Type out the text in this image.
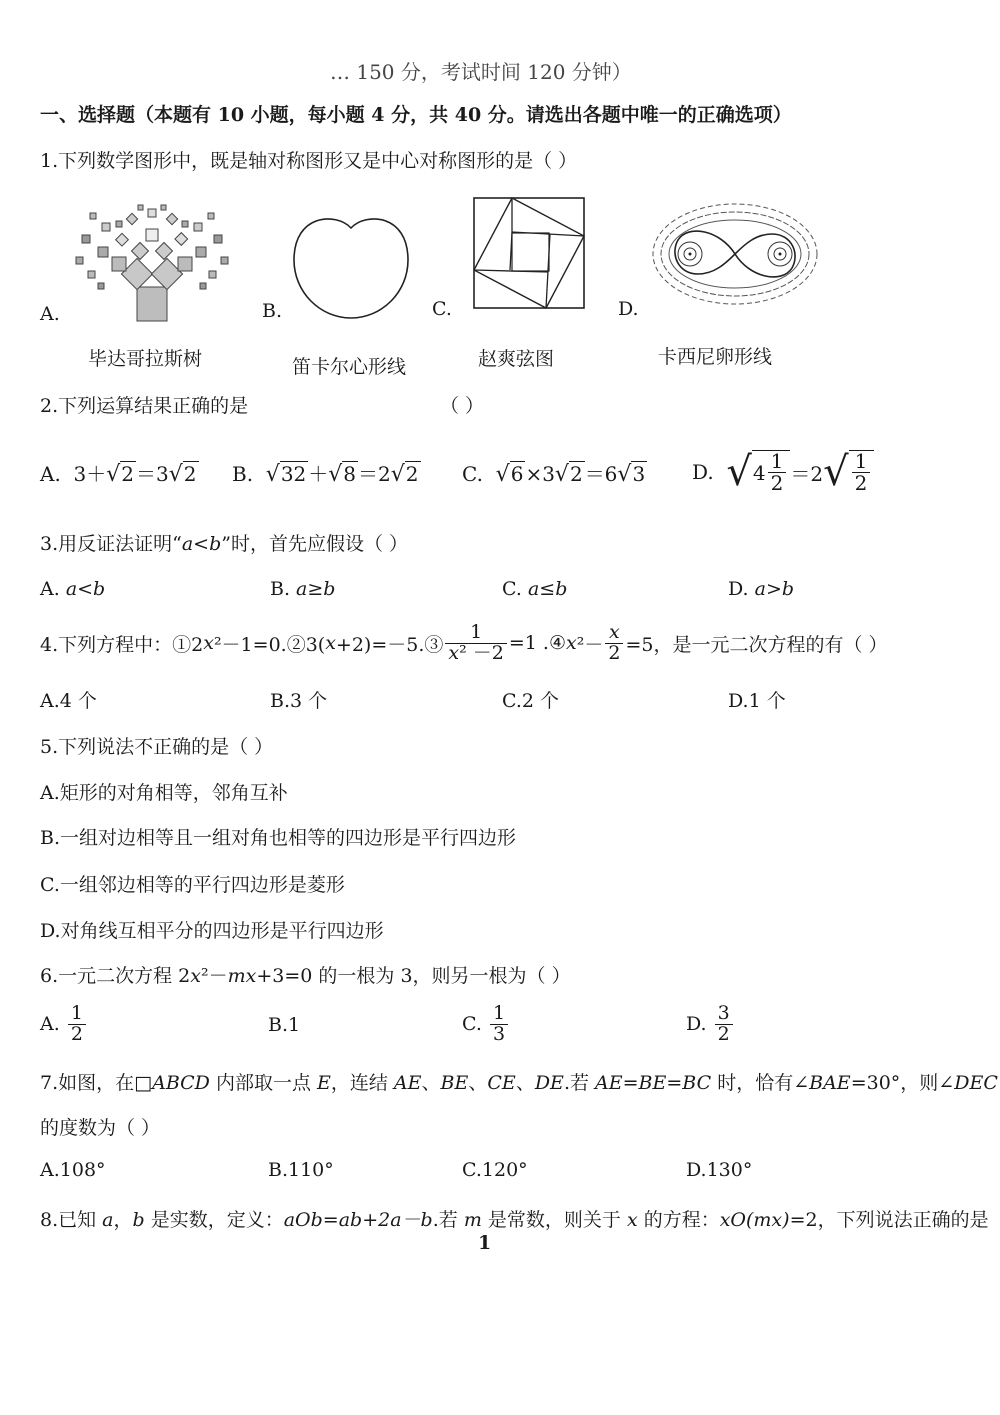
… 150 分，考试时间 120 分钟）
一、选择题（本题有 10 小题，每小题 4 分，共 40 分。请选出各题中唯一的正确选项）
1.下列数学图形中，既是轴对称图形又是中心对称图形的是（ ）
A.
毕达哥拉斯树
B.
笛卡尔心形线
C.
赵爽弦图
D.
卡西尼卵形线
2.下列运算结果正确的是	（ ）
A. 3＋√2 ＝3√2 B. √32 ＋√8 ＝2√2 C. √6 ×3√2 ＝6√3 D.
√ $4 \frac{1}{2} =2$ √ $\frac{1}{2}$
3.用反证法证明“a<b”时，首先应假设（ ）
A. a<b	B. a≥b	C. a≤b	D. a>b
4.下列方程中：①2 x ²－1=0.②3( x +2)=－5.③ $\frac{1}{\text{x² －2}} =1$ .④ x $^2- \frac{x}{2} =5$，是一元二次方程的有（ ）
A.4 个	B.3 个	C.2 个	D.1 个
5.下列说法不正确的是（ ）
A.矩形的对角相等，邻角互补
B.一组对边相等且一组对角也相等的四边形是平行四边形
C.一组邻边相等的平行四边形是菱形
D.对角线互相平分的四边形是平行四边形
6.一元二次方程 2x²－mx+3=0 的一根为 3，则另一根为（ ）
A.
$\frac{1}{2}$	B.1	C.
$\frac{1}{3}$	D.
$\frac{3}{2}$
7.如图，在□ABCD 内部取一点 E，连结 AE、BE、CE、DE.若 AE=BE=BC 时，恰有∠BAE=30°，则∠DEC
的度数为（ ）
A.108°	B.110°	C.120°	D.130°
8.已知 a，b 是实数，定义：aOb=ab+2a－b.若 m 是常数，则关于 x 的方程：xO(mx)=2，下列说法正确的是
1
